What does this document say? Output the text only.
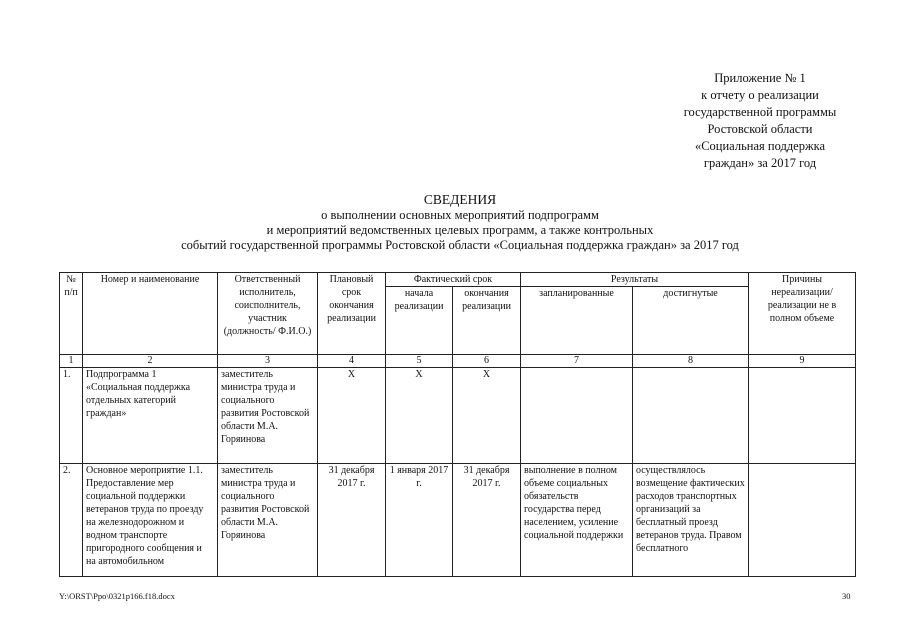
Приложение № 1
к отчету о реализации
государственной программы
Ростовской области
«Социальная поддержка
граждан» за 2017 год
СВЕДЕНИЯ
о выполнении основных мероприятий подпрограмм
и мероприятий ведомственных целевых программ, а также контрольных
событий государственной программы Ростовской области «Социальная поддержка граждан» за 2017 год
№ п/п	Номер и наименование	Ответственный исполнитель, соисполнитель, участник (должность/ Ф.И.О.)	Плановый срок окончания реализации	Фактический срок		Результаты		Причины нереализации/ реализации не в полном объеме
				начала реализации	окончания реализации	запланированные	достигнутые	
1	2	3	4	5	6	7	8	9
1.	Подпрограмма 1 «Социальная поддержка отдельных категорий граждан»	заместитель министра труда и социального развития Ростовской области М.А. Горяинова	Х	Х	Х			
2.	Основное мероприятие 1.1. Предоставление мер социальной поддержки ветеранов труда по проезду на железнодорожном и водном транспорте пригородного сообщения и на автомобильном	заместитель министра труда и социального развития Ростовской области М.А. Горяинова	31 декабря 2017 г.	1 января 2017 г.	31 декабря 2017 г.	выполнение в полном объеме социальных обязательств государства перед населением, усиление социальной поддержки	осуществлялось возмещение фактических расходов транспортных организаций за бесплатный проезд ветеранов труда. Правом бесплатного	
Y:\ORST\Ppo\0321p166.f18.docx	30
